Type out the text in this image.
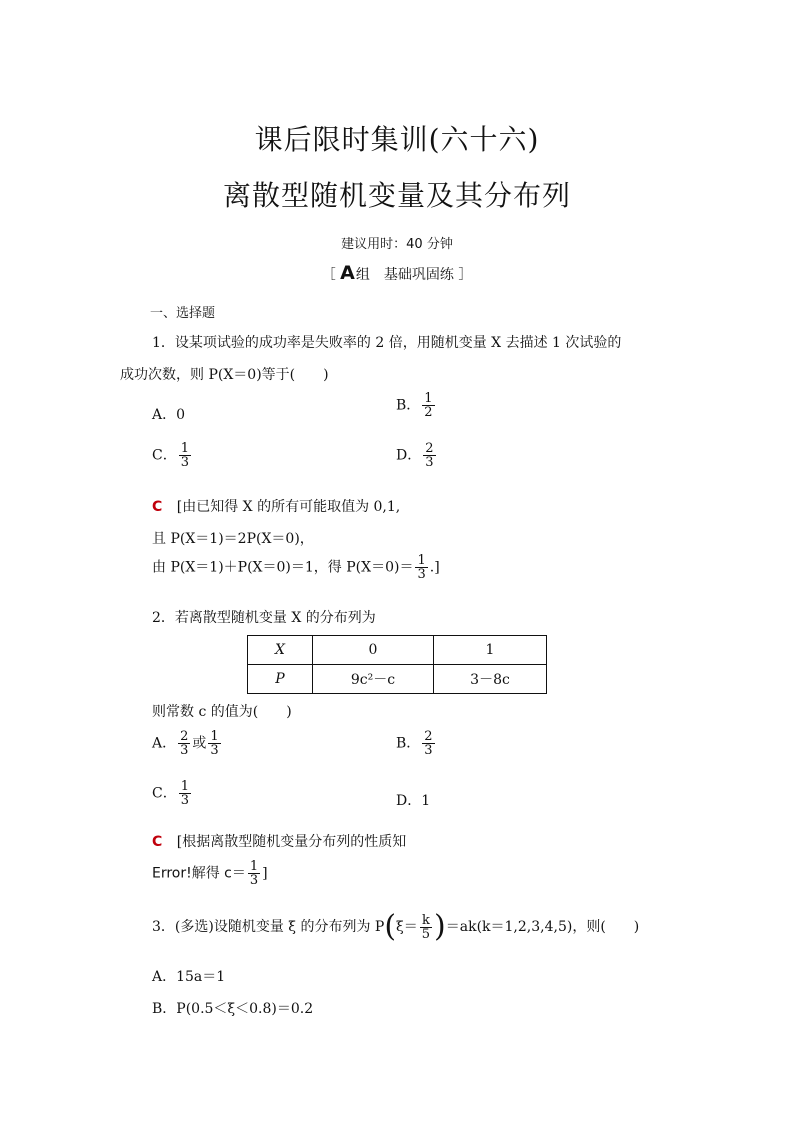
课后限时集训(六十六)
离散型随机变量及其分布列
建议用时：40 分钟
［ A组　基础巩固练 ］
一、选择题
1．设某项试验的成功率是失败率的 2 倍，用随机变量 X 去描述 1 次试验的
成功次数，则 P(X＝0)等于(　　)
A．0
B． $\frac{1}{2}$
C． $\frac{1}{3}$	D． $\frac{2}{3}$
C [由已知得 X 的所有可能取值为 0,1,
且 P(X＝1)＝2P(X＝0)，
由 P(X＝1)＋P(X＝0)＝1，得 $P(X=0)= \frac{1}{3}$ .]
2．若离散型随机变量 X 的分布列为
X	0	1
P	9c²－c	3－8c
则常数 c 的值为(　　)
A． $\frac{2}{3}$ 或 $\frac{1}{3}$	B． $\frac{2}{3}$
C． $\frac{1}{3}$	D．1
C [根据离散型随机变量分布列的性质知
Error!解得 $c= \frac{1}{3}$ ]
3．(多选)设随机变量 ξ 的分布列为 $P(\xi= \frac{k}{5} )=ak(k=1,2,3,4,5)$，则(　　)
A．15a＝1
B．P(0.5＜ξ＜0.8)＝0.2
